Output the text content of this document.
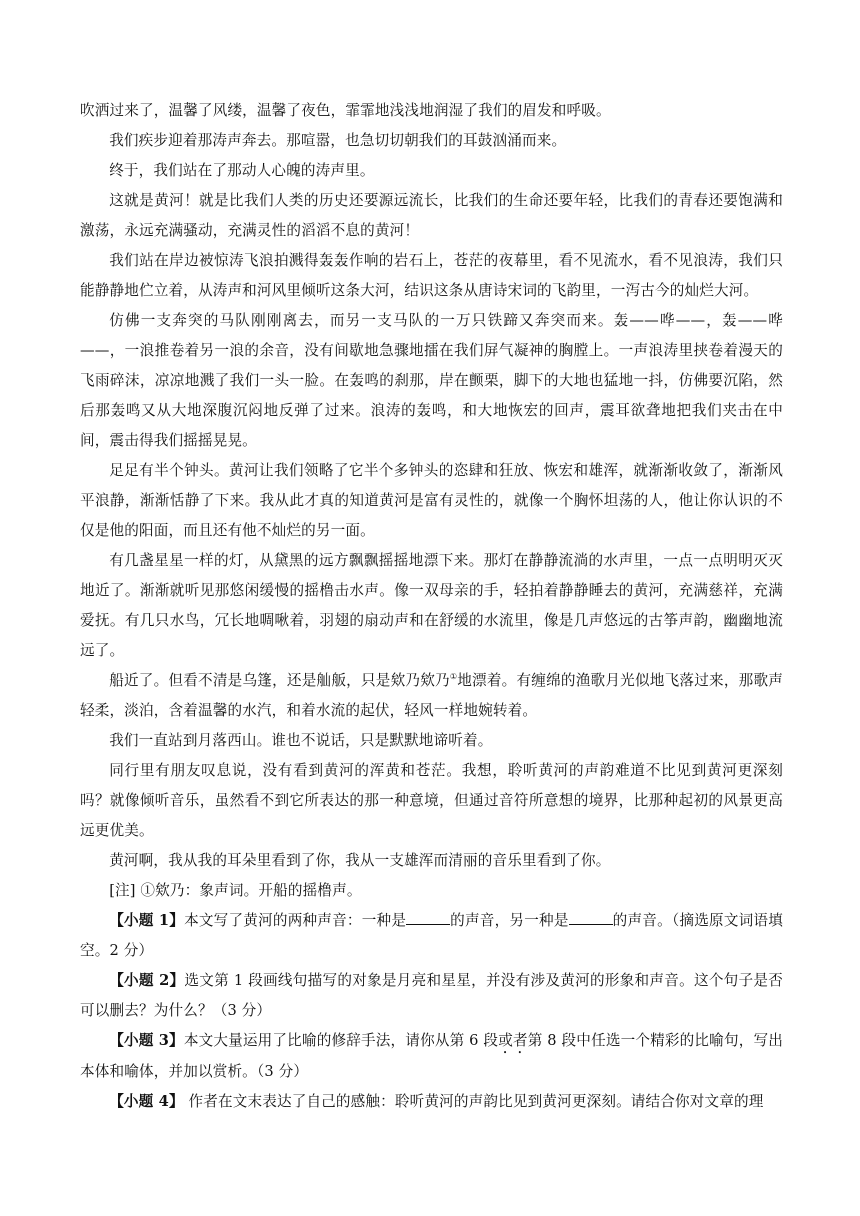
吹洒过来了，温馨了风缕，温馨了夜色，霏霏地浅浅地润湿了我们的眉发和呼吸。

我们疾步迎着那涛声奔去。那喧嚣，也急切切朝我们的耳鼓汹涌而来。

终于，我们站在了那动人心魄的涛声里。

这就是黄河！就是比我们人类的历史还要源远流长，比我们的生命还要年轻，比我们的青春还要饱满和激荡，永远充满骚动，充满灵性的滔滔不息的黄河！

我们站在岸边被惊涛飞浪拍溅得轰轰作响的岩石上，苍茫的夜幕里，看不见流水，看不见浪涛，我们只能静静地伫立着，从涛声和河风里倾听这条大河，结识这条从唐诗宋词的飞韵里，一泻古今的灿烂大河。

仿佛一支奔突的马队刚刚离去，而另一支马队的一万只铁蹄又奔突而来。轰——哗——，轰——哗——，一浪推卷着另一浪的余音，没有间歇地急骤地擂在我们屏气凝神的胸膛上。一声浪涛里挟卷着漫天的飞雨碎沫，凉凉地溅了我们一头一脸。在轰鸣的刹那，岸在颤栗，脚下的大地也猛地一抖，仿佛要沉陷，然后那轰鸣又从大地深腹沉闷地反弹了过来。浪涛的轰鸣，和大地恢宏的回声，震耳欲聋地把我们夹击在中间，震击得我们摇摇晃晃。

足足有半个钟头。黄河让我们领略了它半个多钟头的恣肆和狂放、恢宏和雄浑，就渐渐收敛了，渐渐风平浪静，渐渐恬静了下来。我从此才真的知道黄河是富有灵性的，就像一个胸怀坦荡的人，他让你认识的不仅是他的阳面，而且还有他不灿烂的另一面。

有几盏星星一样的灯，从黛黑的远方飘飘摇摇地漂下来。那灯在静静流淌的水声里，一点一点明明灭灭地近了。渐渐就听见那悠闲缓慢的摇橹击水声。像一双母亲的手，轻拍着静静睡去的黄河，充满慈祥，充满爱抚。有几只水鸟，冗长地啁啾着，羽翅的扇动声和在舒缓的水流里，像是几声悠远的古筝声韵，幽幽地流远了。

船近了。但看不清是乌篷，还是舢舨，只是欸乃欸乃①地漂着。有缠绵的渔歌月光似地飞落过来，那歌声轻柔，淡泊，含着温馨的水汽，和着水流的起伏，轻风一样地婉转着。

我们一直站到月落西山。谁也不说话，只是默默地谛听着。

同行里有朋友叹息说，没有看到黄河的浑黄和苍茫。我想，聆听黄河的声韵难道不比见到黄河更深刻吗？就像倾听音乐，虽然看不到它所表达的那一种意境，但通过音符所意想的境界，比那种起初的风景更高远更优美。

黄河啊，我从我的耳朵里看到了你，我从一支雄浑而清丽的音乐里看到了你。

[注] ①欸乃：象声词。开船的摇橹声。

【小题 1】本文写了黄河的两种声音：一种是	的声音，另一种是	的声音。（摘选原文词语填空。2 分）

【小题 2】选文第 1 段画线句描写的对象是月亮和星星，并没有涉及黄河的形象和声音。这个句子是否可以删去？为什么？（3 分）

【小题 3】本文大量运用了比喻的修辞手法，请你从第 6 段或者第 8 段中任选一个精彩的比喻句，写出本体和喻体，并加以赏析。（3 分）

【小题 4】 作者在文末表达了自己的感触：聆听黄河的声韵比见到黄河更深刻。请结合你对文章的理
